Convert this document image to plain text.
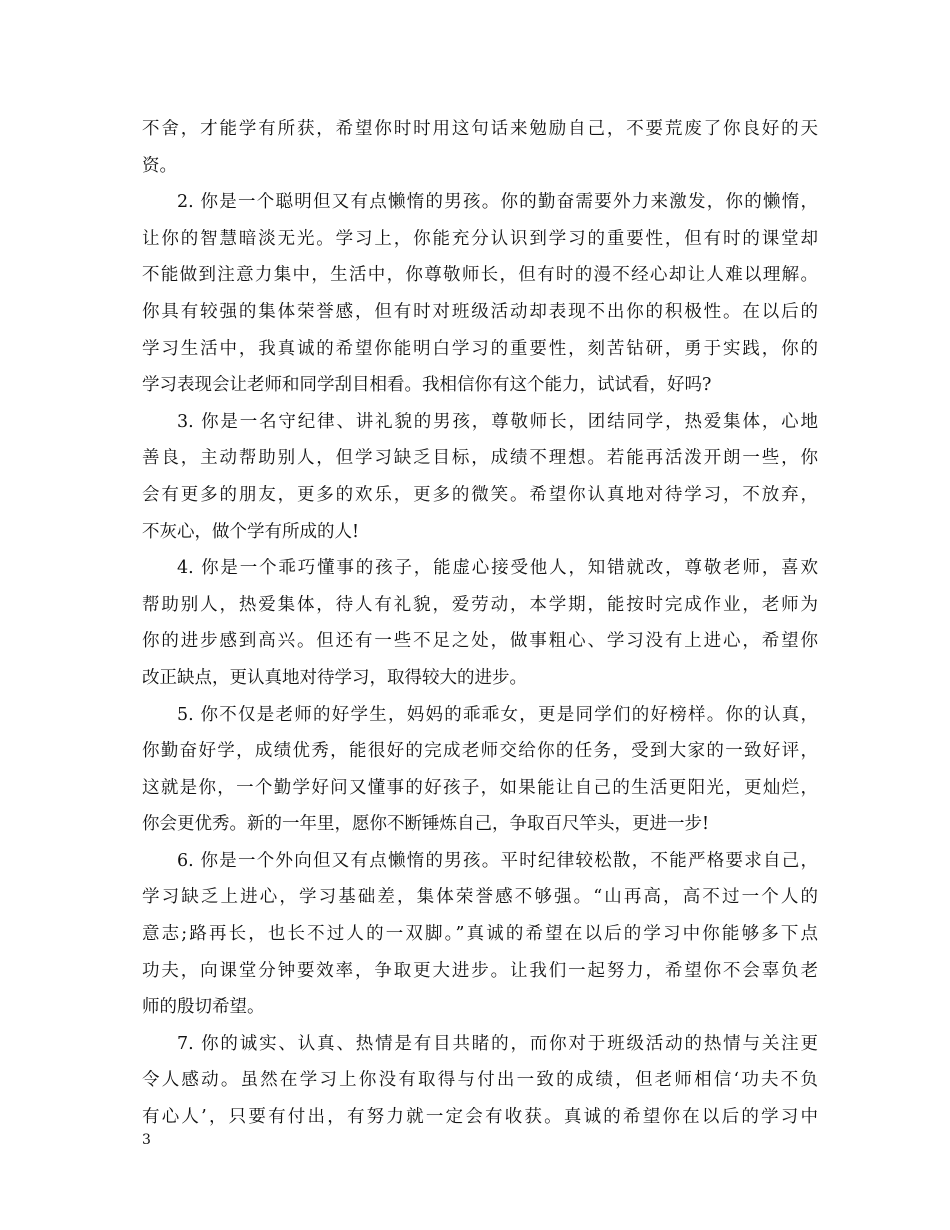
不舍，才能学有所获，希望你时时用这句话来勉励自己，不要荒废了你良好的天
资。
2. 你是一个聪明但又有点懒惰的男孩。你的勤奋需要外力来激发，你的懒惰，
让你的智慧暗淡无光。学习上，你能充分认识到学习的重要性，但有时的课堂却
不能做到注意力集中，生活中，你尊敬师长，但有时的漫不经心却让人难以理解。
你具有较强的集体荣誉感，但有时对班级活动却表现不出你的积极性。在以后的
学习生活中，我真诚的希望你能明白学习的重要性，刻苦钻研，勇于实践，你的
学习表现会让老师和同学刮目相看。我相信你有这个能力，试试看，好吗?
3. 你是一名守纪律、讲礼貌的男孩，尊敬师长，团结同学，热爱集体，心地
善良，主动帮助别人，但学习缺乏目标，成绩不理想。若能再活泼开朗一些，你
会有更多的朋友，更多的欢乐，更多的微笑。希望你认真地对待学习，不放弃，
不灰心，做个学有所成的人!
4. 你是一个乖巧懂事的孩子，能虚心接受他人，知错就改，尊敬老师，喜欢
帮助别人，热爱集体，待人有礼貌，爱劳动，本学期，能按时完成作业，老师为
你的进步感到高兴。但还有一些不足之处，做事粗心、学习没有上进心，希望你
改正缺点，更认真地对待学习，取得较大的进步。
5. 你不仅是老师的好学生，妈妈的乖乖女，更是同学们的好榜样。你的认真，
你勤奋好学，成绩优秀，能很好的完成老师交给你的任务，受到大家的一致好评，
这就是你，一个勤学好问又懂事的好孩子，如果能让自己的生活更阳光，更灿烂，
你会更优秀。新的一年里，愿你不断锤炼自己，争取百尺竿头，更进一步!
6. 你是一个外向但又有点懒惰的男孩。平时纪律较松散，不能严格要求自己，
学习缺乏上进心，学习基础差，集体荣誉感不够强。“山再高，高不过一个人的
意志;路再长，也长不过人的一双脚。”真诚的希望在以后的学习中你能够多下点
功夫，向课堂分钟要效率，争取更大进步。让我们一起努力，希望你不会辜负老
师的殷切希望。
7. 你的诚实、认真、热情是有目共睹的，而你对于班级活动的热情与关注更
令人感动。虽然在学习上你没有取得与付出一致的成绩，但老师相信‘功夫不负
有心人’，只要有付出，有努力就一定会有收获。真诚的希望你在以后的学习中
3
